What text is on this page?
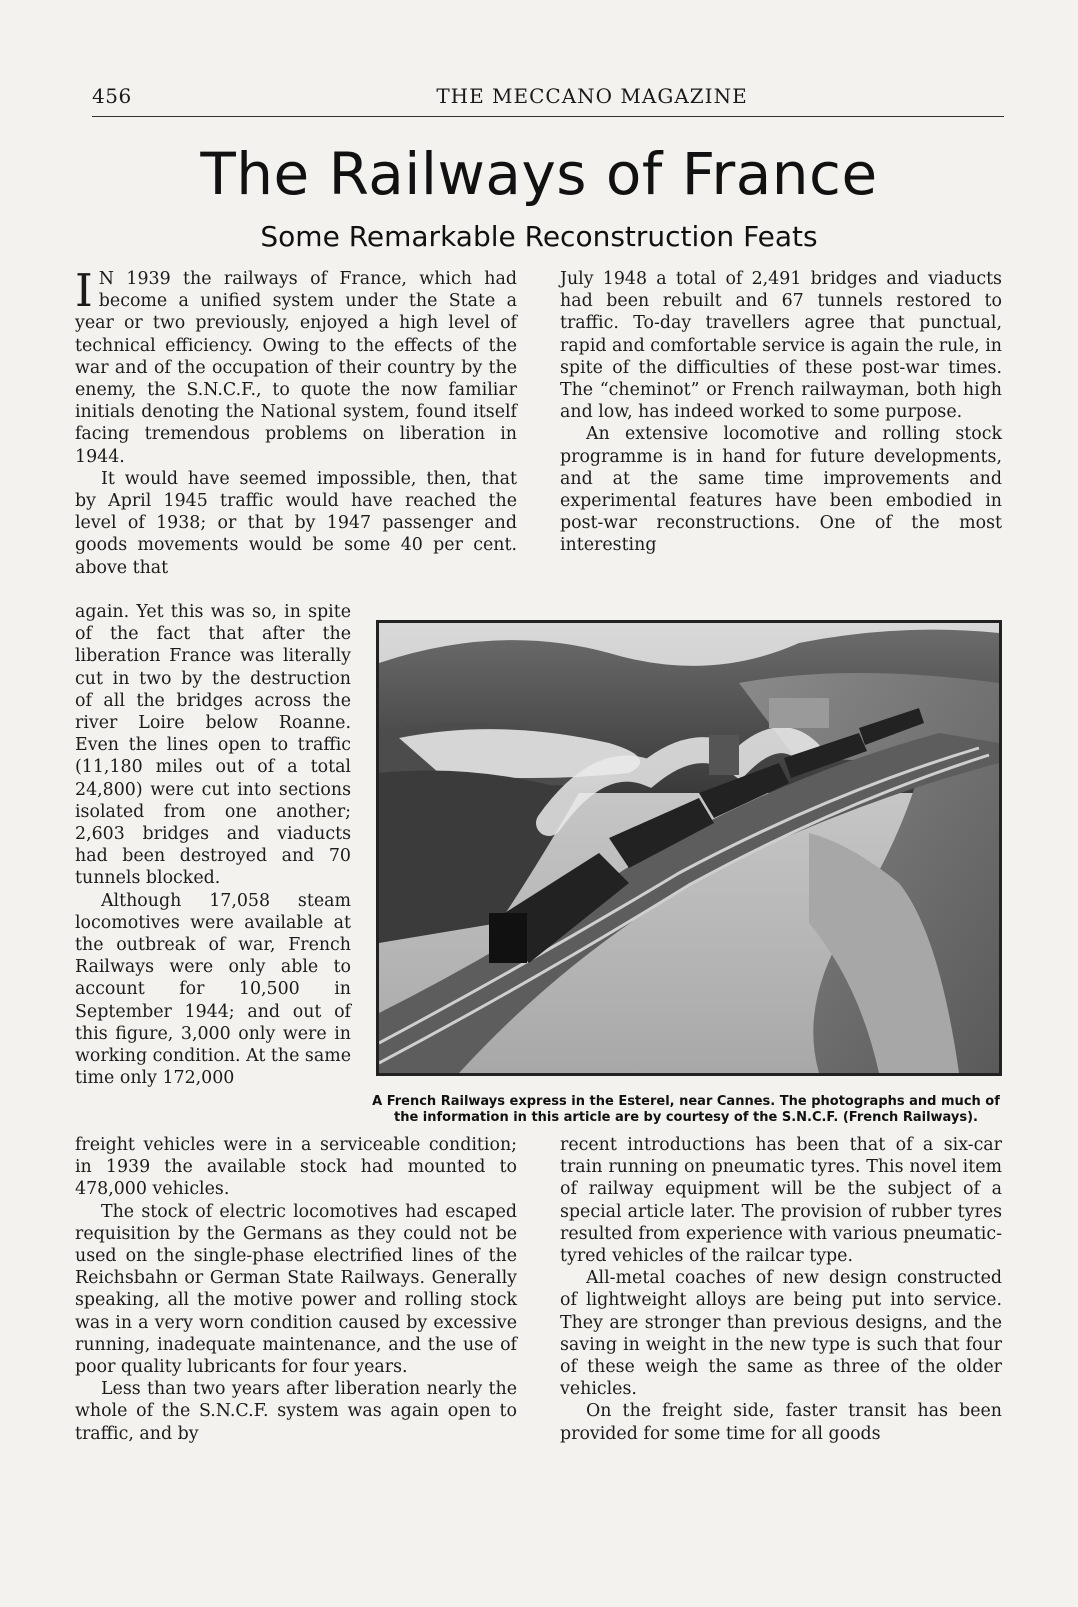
456	THE MECCANO MAGAZINE
The Railways of France
Some Remarkable Reconstruction Feats

I N 1939 the railways of France, which had become a unified system under the State a year or two previously, enjoyed a high level of technical efficiency. Owing to the effects of the war and of the occupation of their country by the enemy, the S.N.C.F., to quote the now familiar initials denoting the National system, found itself facing tremendous problems on liberation in 1944.

It would have seemed impossible, then, that by April 1945 traffic would have reached the level of 1938; or that by 1947 passenger and goods movements would be some 40 per cent. above that

again. Yet this was so, in spite of the fact that after the liberation France was literally cut in two by the destruction of all the bridges across the river Loire below Roanne. Even the lines open to traffic (11,180 miles out of a total 24,800) were cut into sections isolated from one another; 2,603 bridges and viaducts had been destroyed and 70 tunnels blocked.

Although 17,058 steam locomotives were available at the outbreak of war, French Railways were only able to account for 10,500 in September 1944; and out of this figure, 3,000 only were in working condition. At the same time only 172,000

freight vehicles were in a serviceable condition; in 1939 the available stock had mounted to 478,000 vehicles.

The stock of electric locomotives had escaped requisition by the Germans as they could not be used on the single-phase electrified lines of the Reichsbahn or German State Railways. Generally speaking, all the motive power and rolling stock was in a very worn condition caused by excessive running, inadequate maintenance, and the use of poor quality lubricants for four years.

Less than two years after liberation nearly the whole of the S.N.C.F. system was again open to traffic, and by

July 1948 a total of 2,491 bridges and viaducts had been rebuilt and 67 tunnels restored to traffic. To-day travellers agree that punctual, rapid and comfortable service is again the rule, in spite of the difficulties of these post-war times. The “cheminot” or French railwayman, both high and low, has indeed worked to some purpose.

An extensive locomotive and rolling stock programme is in hand for future developments, and at the same time improvements and experimental features have been embodied in post-war reconstructions. One of the most interesting

A French Railways express in the Esterel, near Cannes. The photographs and much of the information in this article are by courtesy of the S.N.C.F. (French Railways).

recent introductions has been that of a six-car train running on pneumatic tyres. This novel item of railway equipment will be the subject of a special article later. The provision of rubber tyres resulted from experience with various pneumatic-tyred vehicles of the railcar type.

All-metal coaches of new design constructed of lightweight alloys are being put into service. They are stronger than previous designs, and the saving in weight in the new type is such that four of these weigh the same as three of the older vehicles.

On the freight side, faster transit has been provided for some time for all goods
